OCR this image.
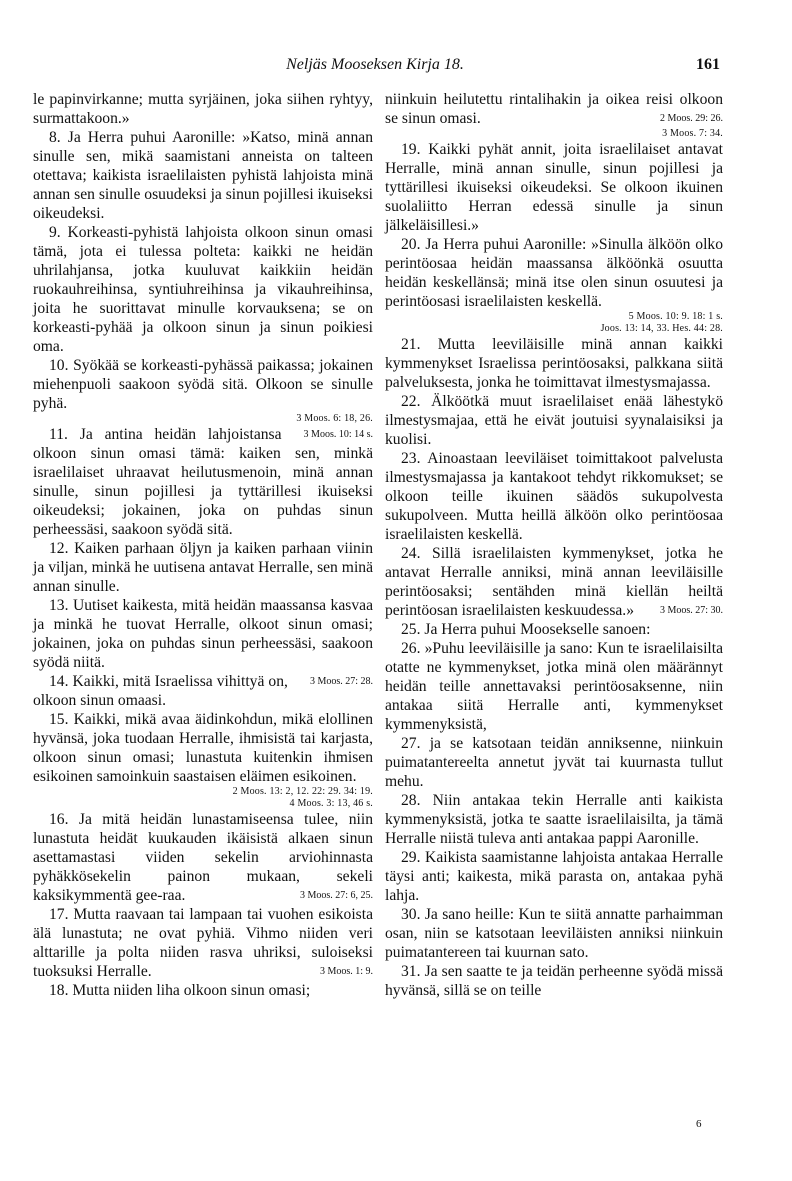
Neljäs Mooseksen Kirja 18.	161

le papinvirkanne; mutta syrjäinen, joka siihen ryhtyy, surmattakoon.»

8. Ja Herra puhui Aaronille: »Katso, minä annan sinulle sen, mikä saamistani anneista on talteen otettava; kaikista israelilaisten pyhistä lahjoista minä annan sen sinulle osuudeksi ja sinun pojillesi ikuiseksi oikeudeksi.

9. Korkeasti-pyhistä lahjoista olkoon sinun omasi tämä, jota ei tulessa polteta: kaikki ne heidän uhrilahjansa, jotka kuuluvat kaikkiin heidän ruokauhreihinsa, syntiuhreihinsa ja vikauhreihinsa, joita he suorittavat minulle korvauksena; se on korkeasti-pyhää ja olkoon sinun ja sinun poikiesi oma.

10. Syökää se korkeasti-pyhässä paikassa; jokainen miehenpuoli saakoon syödä sitä. Olkoon se sinulle pyhä.

3 Moos. 6: 18, 26.

3 Moos. 10: 14 s.
11. Ja antina heidän lahjoistansa olkoon sinun omasi tämä: kaiken sen, minkä israelilaiset uhraavat heilutusmenoin, minä annan sinulle, sinun pojillesi ja tyttärillesi ikuiseksi oikeudeksi; jokainen, joka on puhdas sinun perheessäsi, saakoon syödä sitä.

12. Kaiken parhaan öljyn ja kaiken parhaan viinin ja viljan, minkä he uutisena antavat Herralle, sen minä annan sinulle.

13. Uutiset kaikesta, mitä heidän maassansa kasvaa ja minkä he tuovat Herralle, olkoot sinun omasi; jokainen, joka on puhdas sinun perheessäsi, saakoon syödä niitä.

3 Moos. 27: 28.
14. Kaikki, mitä Israelissa vihittyä on, olkoon sinun omaasi.

15. Kaikki, mikä avaa äidinkohdun, mikä elollinen hyvänsä, joka tuodaan Herralle, ihmisistä tai karjasta, olkoon sinun omasi; lunastuta kuitenkin ihmisen esikoinen samoinkuin saastaisen eläimen esikoinen.

2 Moos. 13: 2, 12. 22: 29. 34: 19.
4 Moos. 3: 13, 46 s.

16. Ja mitä heidän lunastamiseensa tulee, niin lunastuta heidät kuukauden ikäisistä alkaen sinun asettamastasi viiden sekelin arviohinnasta pyhäkkösekelin painon mukaan, sekeli kaksikymmentä gee-raa.	3 Moos. 27: 6, 25.

17. Mutta raavaan tai lampaan tai vuohen esikoista älä lunastuta; ne ovat pyhiä. Vihmo niiden veri alttarille ja polta niiden rasva uhriksi, suloiseksi tuoksuksi Herralle.	3 Moos. 1: 9.

18. Mutta niiden liha olkoon sinun omasi;

niinkuin heilutettu rintalihakin ja oikea reisi olkoon se sinun omasi.	2 Moos. 29: 26.

3 Moos. 7: 34.

19. Kaikki pyhät annit, joita israelilaiset antavat Herralle, minä annan sinulle, sinun pojillesi ja tyttärillesi ikuiseksi oikeudeksi. Se olkoon ikuinen suolaliitto Herran edessä sinulle ja sinun jälkeläisillesi.»

20. Ja Herra puhui Aaronille: »Sinulla älköön olko perintöosaa heidän maassansa älköönkä osuutta heidän keskellänsä; minä itse olen sinun osuutesi ja perintöosasi israelilaisten keskellä.

5 Moos. 10: 9. 18: 1 s.
Joos. 13: 14, 33. Hes. 44: 28.

21. Mutta leeviläisille minä annan kaikki kymmenykset Israelissa perintöosaksi, palkkana siitä palveluksesta, jonka he toimittavat ilmestysmajassa.

22. Älköötkä muut israelilaiset enää lähestykö ilmestysmajaa, että he eivät joutuisi syynalaisiksi ja kuolisi.

23. Ainoastaan leeviläiset toimittakoot palvelusta ilmestysmajassa ja kantakoot tehdyt rikkomukset; se olkoon teille ikuinen säädös sukupolvesta sukupolveen. Mutta heillä älköön olko perintöosaa israelilaisten keskellä.

24. Sillä israelilaisten kymmenykset, jotka he antavat Herralle anniksi, minä annan leeviläisille perintöosaksi; sentähden minä kiellän heiltä perintöosan israelilaisten keskuudessa.»	3 Moos. 27: 30.

25. Ja Herra puhui Moosekselle sanoen:

26. »Puhu leeviläisille ja sano: Kun te israelilaisilta otatte ne kymmenykset, jotka minä olen määrännyt heidän teille annettavaksi perintöosaksenne, niin antakaa siitä Herralle anti, kymmenykset kymmenyksistä,

27. ja se katsotaan teidän anniksenne, niinkuin puimatantereelta annetut jyvät tai kuurnasta tullut mehu.

28. Niin antakaa tekin Herralle anti kaikista kymmenyksistä, jotka te saatte israelilaisilta, ja tämä Herralle niistä tuleva anti antakaa pappi Aaronille.

29. Kaikista saamistanne lahjoista antakaa Herralle täysi anti; kaikesta, mikä parasta on, antakaa pyhä lahja.

30. Ja sano heille: Kun te siitä annatte parhaimman osan, niin se katsotaan leeviläisten anniksi niinkuin puimatantereen tai kuurnan sato.

31. Ja sen saatte te ja teidän perheenne syödä missä hyvänsä, sillä se on teille

6
